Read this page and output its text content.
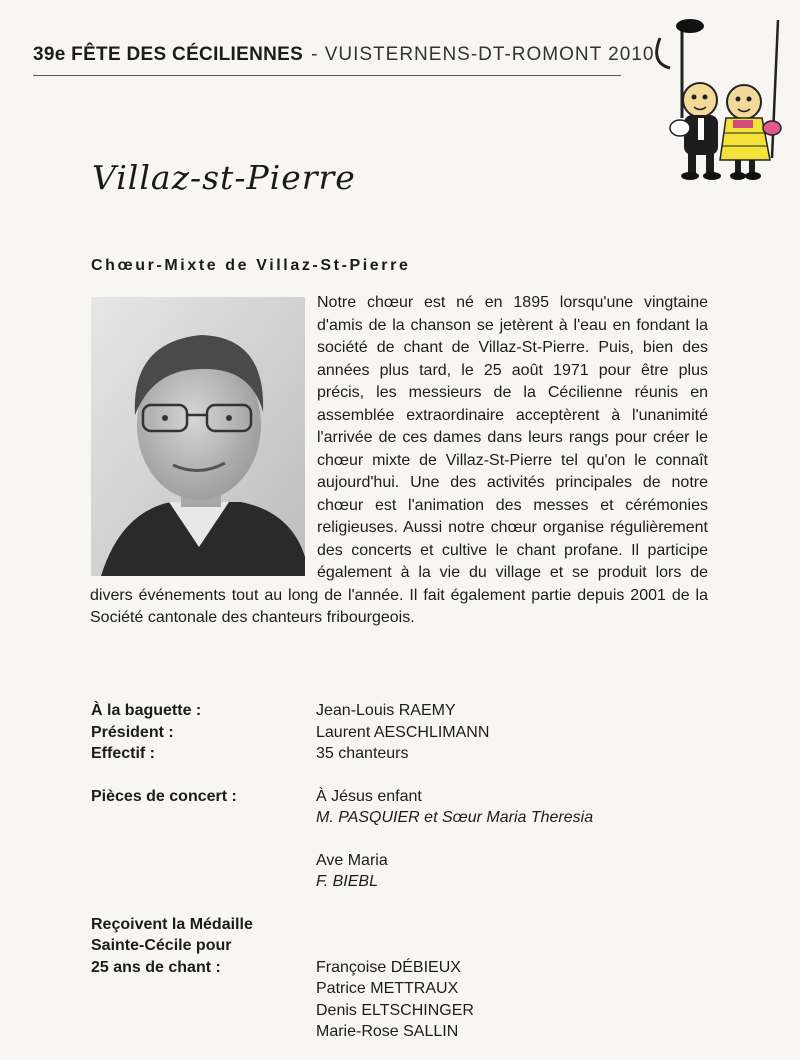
39e FÊTE DES CÉCILIENNES - VUISTERNENS-DT-ROMONT 2010
Villaz-st-Pierre
Chœur-Mixte de Villaz-St-Pierre

Notre chœur est né en 1895 lorsqu'une vingtaine d'amis de la chanson se jetèrent à l'eau en fondant la société de chant de Villaz-St-Pierre. Puis, bien des années plus tard, le 25 août 1971 pour être plus précis, les messieurs de la Cécilienne réunis en assemblée extraordinaire acceptèrent à l'unanimité l'arrivée de ces dames dans leurs rangs pour créer le chœur mixte de Villaz-St-Pierre tel qu'on le connaît aujourd'hui. Une des activités principales de notre chœur est l'animation des messes et cérémonies religieuses. Aussi notre chœur organise régulièrement des concerts et cultive le chant profane. Il participe également à la vie du village et se produit lors de divers événements tout au long de l'année. Il fait également partie depuis 2001 de la Société cantonale des chanteurs fribourgeois.

À la baguette :	Jean-Louis RAEMY
Président :	Laurent AESCHLIMANN
Effectif :	35 chanteurs
Pièces de concert :	À Jésus enfant
M. PASQUIER et Sœur Maria Theresia

Ave Maria
F. BIEBL
Reçoivent la Médaille
Sainte-Cécile pour
25 ans de chant :	Françoise DÉBIEUX
Patrice METTRAUX
Denis ELTSCHINGER
Marie-Rose SALLIN
